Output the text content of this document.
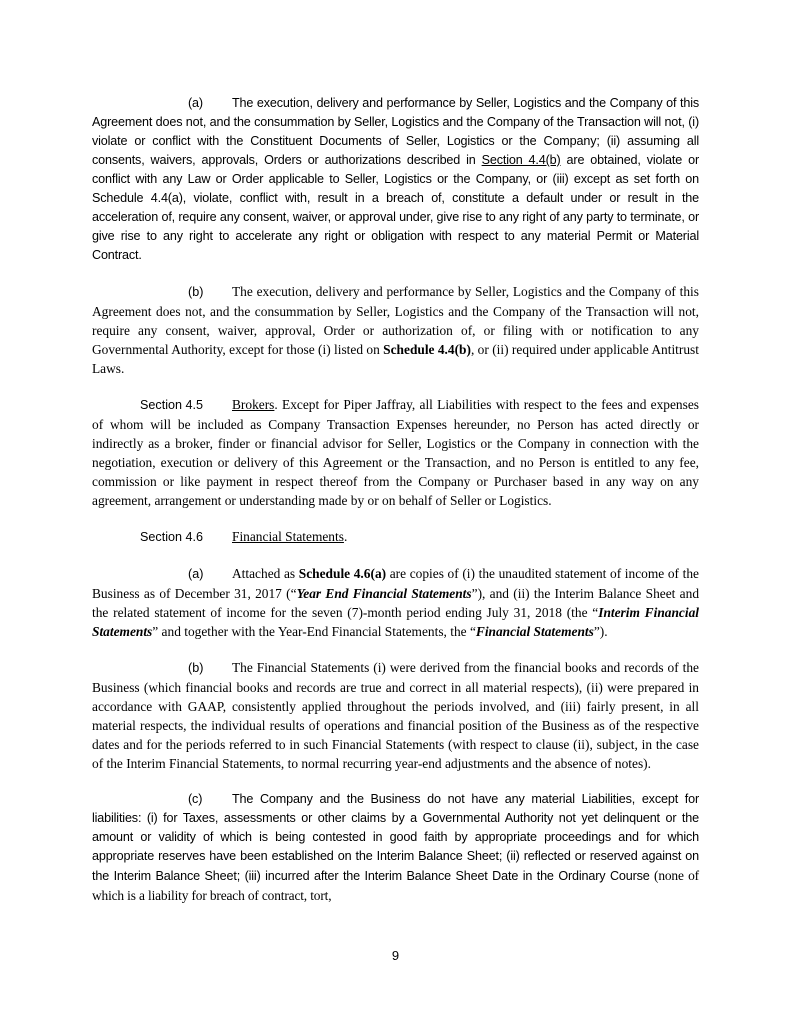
(a) The execution, delivery and performance by Seller, Logistics and the Company of this Agreement does not, and the consummation by Seller, Logistics and the Company of the Transaction will not, (i) violate or conflict with the Constituent Documents of Seller, Logistics or the Company; (ii) assuming all consents, waivers, approvals, Orders or authorizations described in Section 4.4(b) are obtained, violate or conflict with any Law or Order applicable to Seller, Logistics or the Company, or (iii) except as set forth on Schedule 4.4(a), violate, conflict with, result in a breach of, constitute a default under or result in the acceleration of, require any consent, waiver, or approval under, give rise to any right of any party to terminate, or give rise to any right to accelerate any right or obligation with respect to any material Permit or Material Contract.

(b) The execution, delivery and performance by Seller, Logistics and the Company of this Agreement does not, and the consummation by Seller, Logistics and the Company of the Transaction will not, require any consent, waiver, approval, Order or authorization of, or filing with or notification to any Governmental Authority, except for those (i) listed on Schedule 4.4(b), or (ii) required under applicable Antitrust Laws.

Section 4.5 Brokers. Except for Piper Jaffray, all Liabilities with respect to the fees and expenses of whom will be included as Company Transaction Expenses hereunder, no Person has acted directly or indirectly as a broker, finder or financial advisor for Seller, Logistics or the Company in connection with the negotiation, execution or delivery of this Agreement or the Transaction, and no Person is entitled to any fee, commission or like payment in respect thereof from the Company or Purchaser based in any way on any agreement, arrangement or understanding made by or on behalf of Seller or Logistics.

Section 4.6 Financial Statements.

(a) Attached as Schedule 4.6(a) are copies of (i) the unaudited statement of income of the Business as of December 31, 2017 (“Year End Financial Statements”), and (ii) the Interim Balance Sheet and the related statement of income for the seven (7)-month period ending July 31, 2018 (the “Interim Financial Statements” and together with the Year-End Financial Statements, the “Financial Statements”).

(b) The Financial Statements (i) were derived from the financial books and records of the Business (which financial books and records are true and correct in all material respects), (ii) were prepared in accordance with GAAP, consistently applied throughout the periods involved, and (iii) fairly present, in all material respects, the individual results of operations and financial position of the Business as of the respective dates and for the periods referred to in such Financial Statements (with respect to clause (ii), subject, in the case of the Interim Financial Statements, to normal recurring year-end adjustments and the absence of notes).

(c) The Company and the Business do not have any material Liabilities, except for liabilities: (i) for Taxes, assessments or other claims by a Governmental Authority not yet delinquent or the amount or validity of which is being contested in good faith by appropriate proceedings and for which appropriate reserves have been established on the Interim Balance Sheet; (ii) reflected or reserved against on the Interim Balance Sheet; (iii) incurred after the Interim Balance Sheet Date in the Ordinary Course (none of which is a liability for breach of contract, tort,

9
